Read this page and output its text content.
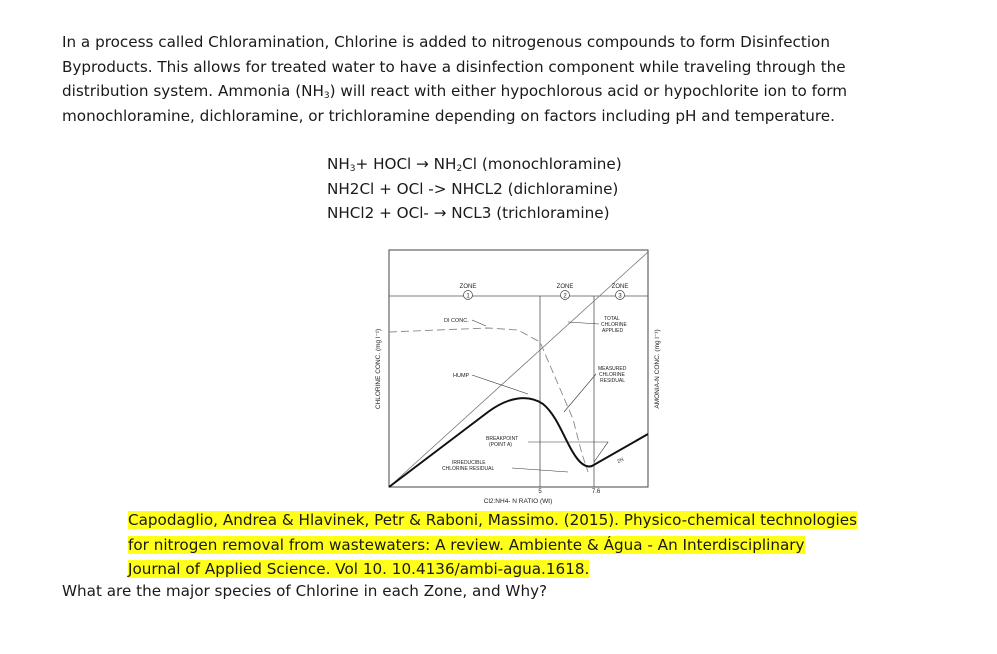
In a process called Chloramination, Chlorine is added to nitrogenous compounds to form Disinfection

Byproducts. This allows for treated water to have a disinfection component while traveling through the

distribution system. Ammonia $(NH_3)$ will react with either hypochlorous acid or hypochlorite ion to form

monochloramine, dichloramine, or trichloramine depending on factors including pH and temperature.

$NH_3+$ HOCl → $NH_2Cl$ (monochloramine)
NH2Cl + OCl -> NHCL2 (dichloramine)
NHCl2 + OCl- → NCL3 (trichloramine)
ZONE
1
ZONE
2
ZONE
3
DI CONC.	TOTAL
CHLORINE
APPLIED
HUMP
MEASURED
CHLORINE
RESIDUAL
BREAKPOINT
(POINT A)
2N
IRREDUCIBLE
CHLORINE RESIDUAL
5	7.6
Cl2:NH4- N RATIO (Wt)
CHLORINE CONC. (mg l⁻¹)	AMONIA-N CONC. (mg l⁻¹)
Capodaglio, Andrea & Hlavinek, Petr & Raboni, Massimo. (2015). Physico-chemical technologies
for nitrogen removal from wastewaters: A review. Ambiente & Água - An Interdisciplinary
Journal of Applied Science. Vol 10. 10.4136/ambi-agua.1618.
What are the major species of Chlorine in each Zone, and Why?
